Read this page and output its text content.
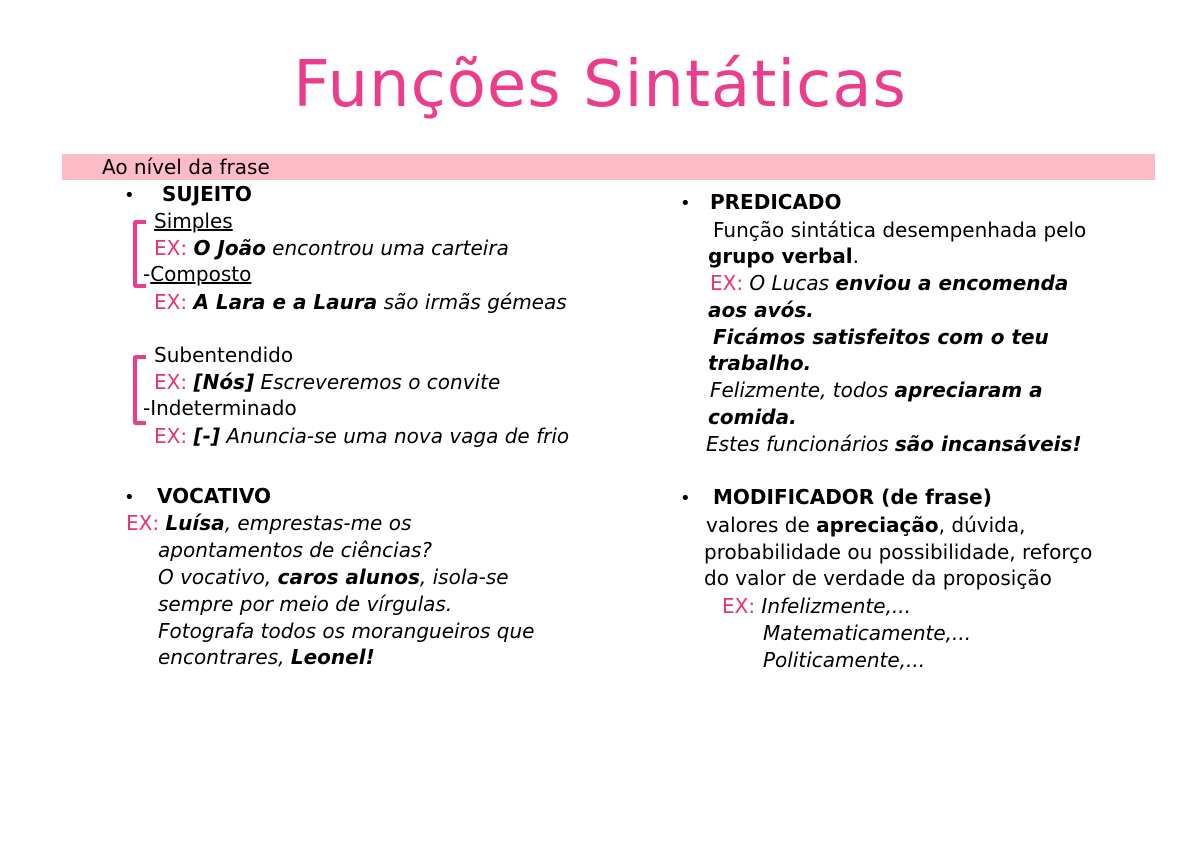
Funções Sintáticas
Ao nível da frase
• SUJEITO
Simples
EX: O João encontrou uma carteira
-Composto
EX: A Lara e a Laura são irmãs gémeas
Subentendido
EX: [Nós] Escreveremos o convite
-Indeterminado
EX: [-] Anuncia-se uma nova vaga de frio
• VOCATIVO
EX: Luísa, emprestas-me os
apontamentos de ciências?
O vocativo, caros alunos, isola-se
sempre por meio de vírgulas.
Fotografa todos os morangueiros que
encontrares, Leonel!
• PREDICADO
Função sintática desempenhada pelo
grupo verbal.
EX: O Lucas enviou a encomenda
aos avós.
Ficámos satisfeitos com o teu
trabalho.
Felizmente, todos apreciaram a
comida.
Estes funcionários são incansáveis!
• MODIFICADOR (de frase)
valores de apreciação, dúvida,
probabilidade ou possibilidade, reforço
do valor de verdade da proposição
EX: Infelizmente,...
Matematicamente,...
Politicamente,...
